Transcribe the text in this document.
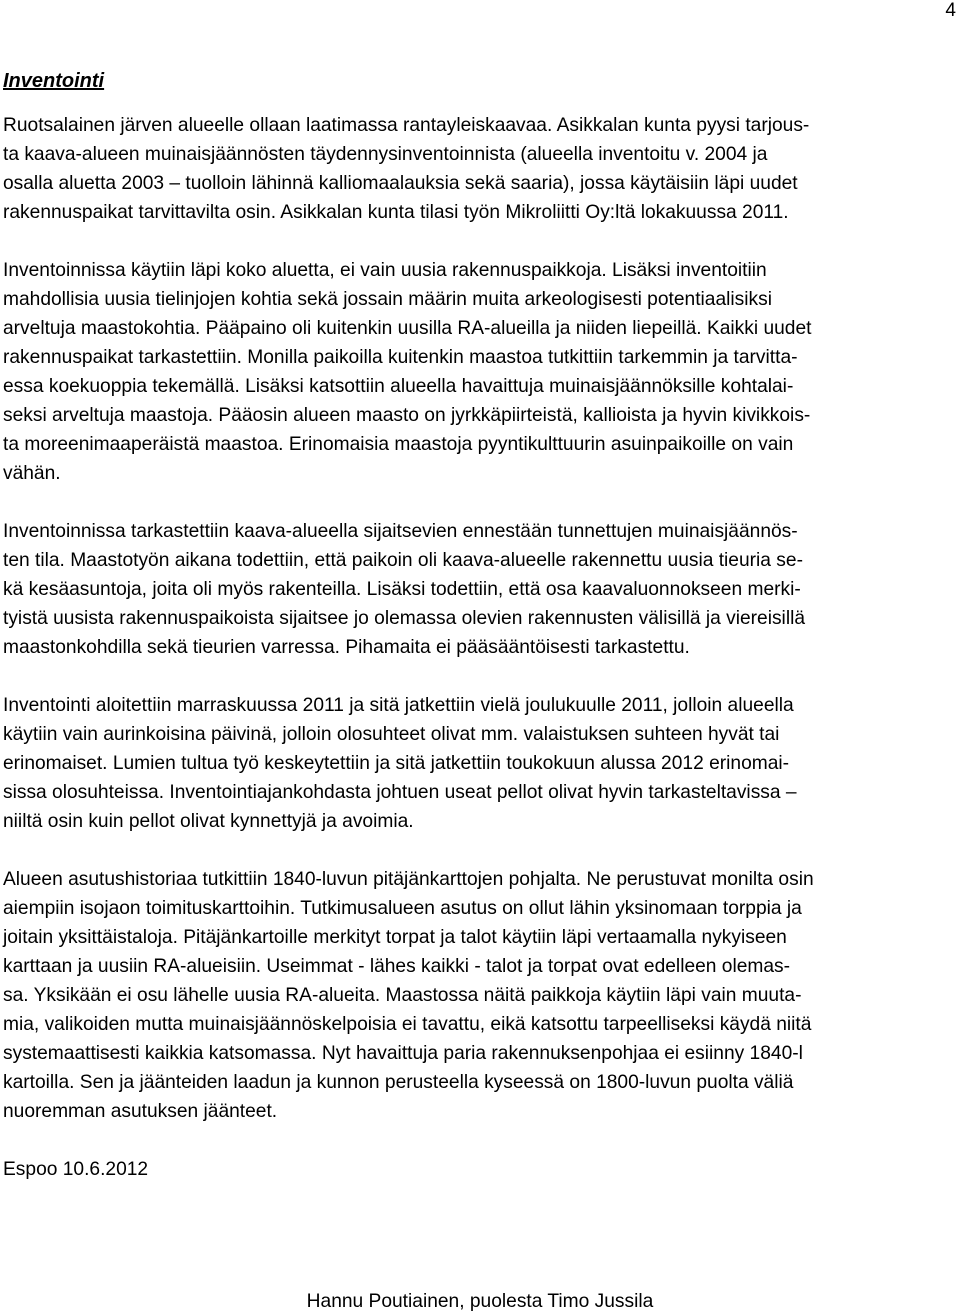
4
Inventointi

Ruotsalainen järven alueelle ollaan laatimassa rantayleiskaavaa. Asikkalan kunta pyysi tarjous-
ta kaava-alueen muinaisjäännösten täydennysinventoinnista (alueella inventoitu v. 2004 ja
osalla aluetta 2003 – tuolloin lähinnä kalliomaalauksia sekä saaria), jossa käytäisiin läpi uudet
rakennuspaikat tarvittavilta osin. Asikkalan kunta tilasi työn Mikroliitti Oy:ltä lokakuussa 2011.

Inventoinnissa käytiin läpi koko aluetta, ei vain uusia rakennuspaikkoja. Lisäksi inventoitiin
mahdollisia uusia tielinjojen kohtia sekä jossain määrin muita arkeologisesti potentiaalisiksi
arveltuja maastokohtia. Pääpaino oli kuitenkin uusilla RA-alueilla ja niiden liepeillä. Kaikki uudet
rakennuspaikat tarkastettiin. Monilla paikoilla kuitenkin maastoa tutkittiin tarkemmin ja tarvitta-
essa koekuoppia tekemällä. Lisäksi katsottiin alueella havaittuja muinaisjäännöksille kohtalai-
seksi arveltuja maastoja. Pääosin alueen maasto on jyrkkäpiirteistä, kallioista ja hyvin kivikkois-
ta moreenimaaperäistä maastoa. Erinomaisia maastoja pyyntikulttuurin asuinpaikoille on vain
vähän.

Inventoinnissa tarkastettiin kaava-alueella sijaitsevien ennestään tunnettujen muinaisjäännös-
ten tila. Maastotyön aikana todettiin, että paikoin oli kaava-alueelle rakennettu uusia tieuria se-
kä kesäasuntoja, joita oli myös rakenteilla. Lisäksi todettiin, että osa kaavaluonnokseen merki-
tyistä uusista rakennuspaikoista sijaitsee jo olemassa olevien rakennusten välisillä ja viereisillä
maastonkohdilla sekä tieurien varressa. Pihamaita ei pääsääntöisesti tarkastettu.

Inventointi aloitettiin marraskuussa 2011 ja sitä jatkettiin vielä joulukuulle 2011, jolloin alueella
käytiin vain aurinkoisina päivinä, jolloin olosuhteet olivat mm. valaistuksen suhteen hyvät tai
erinomaiset. Lumien tultua työ keskeytettiin ja sitä jatkettiin toukokuun alussa 2012 erinomai-
sissa olosuhteissa. Inventointiajankohdasta johtuen useat pellot olivat hyvin tarkasteltavissa –
niiltä osin kuin pellot olivat kynnettyjä ja avoimia.

Alueen asutushistoriaa tutkittiin 1840-luvun pitäjänkarttojen pohjalta. Ne perustuvat monilta osin
aiempiin isojaon toimituskarttoihin. Tutkimusalueen asutus on ollut lähin yksinomaan torppia ja
joitain yksittäistaloja. Pitäjänkartoille merkityt torpat ja talot käytiin läpi vertaamalla nykyiseen
karttaan ja uusiin RA-alueisiin. Useimmat - lähes kaikki - talot ja torpat ovat edelleen olemas-
sa. Yksikään ei osu lähelle uusia RA-alueita. Maastossa näitä paikkoja käytiin läpi vain muuta-
mia, valikoiden mutta muinaisjäännöskelpoisia ei tavattu, eikä katsottu tarpeelliseksi käydä niitä
systemaattisesti kaikkia katsomassa. Nyt havaittuja paria rakennuksenpohjaa ei esiinny 1840-l
kartoilla. Sen ja jäänteiden laadun ja kunnon perusteella kyseessä on 1800-luvun puolta väliä
nuoremman asutuksen jäänteet.

Espoo 10.6.2012

Hannu Poutiainen, puolesta Timo Jussila
